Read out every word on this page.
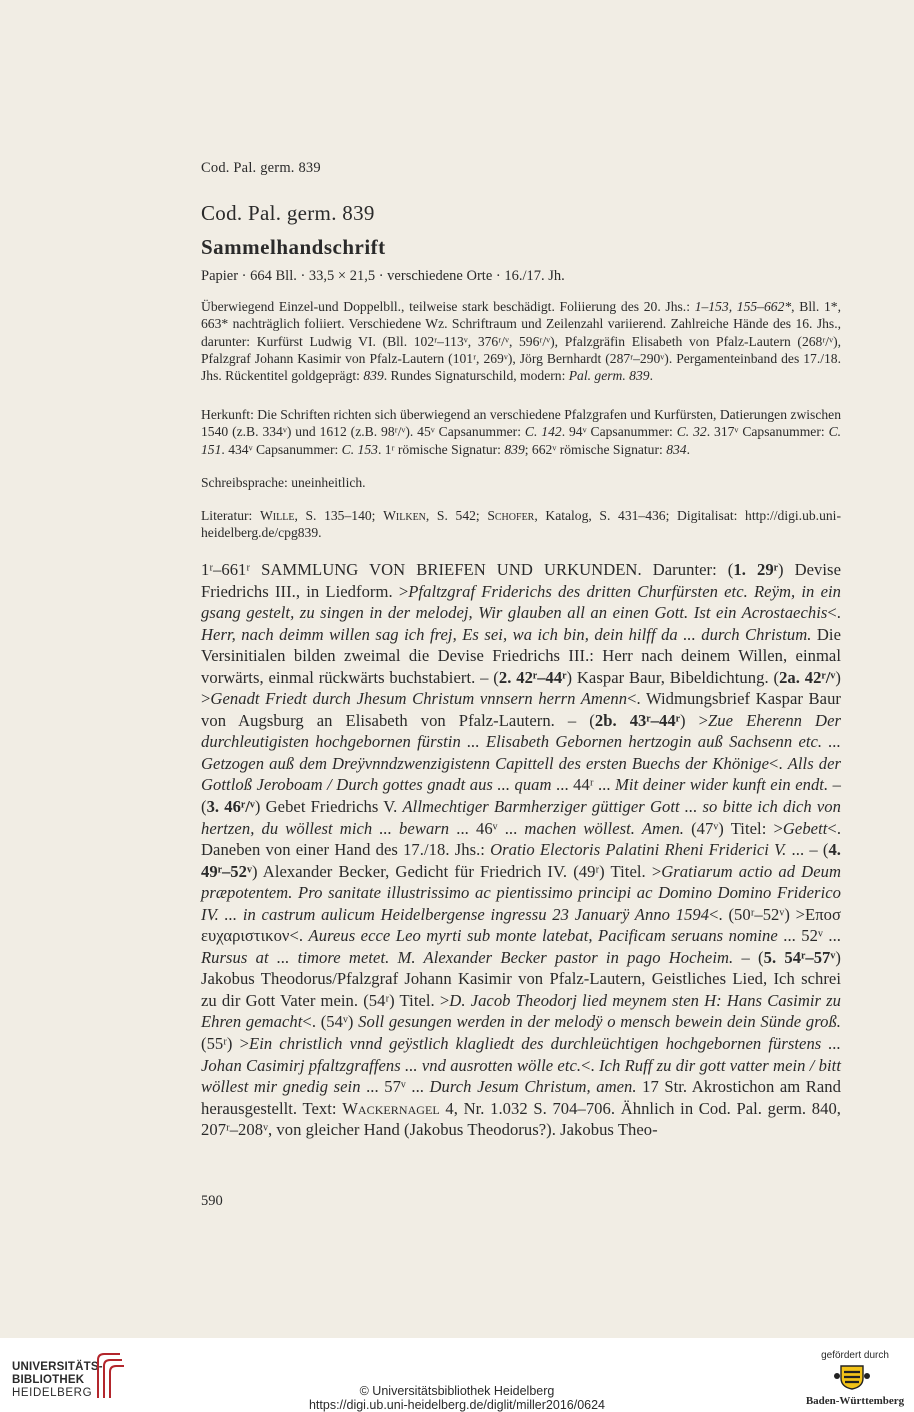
Cod. Pal. germ. 839
Cod. Pal. germ. 839
Sammelhandschrift
Papier · 664 Bll. · 33,5 × 21,5 · verschiedene Orte · 16./17. Jh.
Überwiegend Einzel-und Doppelbll., teilweise stark beschädigt. Foliierung des 20. Jhs.: 1–153, 155–662*, Bll. 1*, 663* nachträglich foliiert. Verschiedene Wz. Schriftraum und Zeilenzahl variierend. Zahlreiche Hände des 16. Jhs., darunter: Kurfürst Ludwig VI. (Bll. 102ʳ–113ᵛ, 376ʳ/ᵛ, 596ʳ/ᵛ), Pfalzgräfin Elisabeth von Pfalz-Lautern (268ʳ/ᵛ), Pfalzgraf Johann Kasimir von Pfalz-Lautern (101ʳ, 269ᵛ), Jörg Bernhardt (287ʳ–290ᵛ). Pergamenteinband des 17./18. Jhs. Rückentitel goldgeprägt: 839. Rundes Signaturschild, modern: Pal. germ. 839.
Herkunft: Die Schriften richten sich überwiegend an verschiedene Pfalzgrafen und Kurfürsten, Datierungen zwischen 1540 (z.B. 334ᵛ) und 1612 (z.B. 98ʳ/ᵛ). 45ᵛ Capsanummer: C. 142. 94ᵛ Capsanummer: C. 32. 317ᵛ Capsanummer: C. 151. 434ᵛ Capsanummer: C. 153. 1ʳ römische Signatur: 839; 662ᵛ römische Signatur: 834.
Schreibsprache: uneinheitlich.
Literatur: Wille, S. 135–140; Wilken, S. 542; Schofer, Katalog, S. 431–436; Digitalisat: http://digi.ub.uni-heidelberg.de/cpg839.
1ʳ–661ʳ SAMMLUNG VON BRIEFEN UND URKUNDEN. Darunter: (1. 29ʳ) Devise Friedrichs III., in Liedform. >Pfaltzgraf Friderichs des dritten Churfürsten etc. Reÿm, in ein gsang gestelt, zu singen in der melodej, Wir glauben all an einen Gott. Ist ein Acrostaechis<. Herr, nach deimm willen sag ich frej, Es sei, wa ich bin, dein hilff da ... durch Christum. Die Versinitialen bilden zweimal die Devise Friedrichs III.: Herr nach deinem Willen, einmal vorwärts, einmal rückwärts buchstabiert. – (2. 42ʳ–44ʳ) Kaspar Baur, Bibeldichtung. (2a. 42ʳ/ᵛ) >Genadt Friedt durch Jhesum Christum vnnsern herrn Amenn<. Widmungsbrief Kaspar Baur von Augsburg an Elisabeth von Pfalz-Lautern. – (2b. 43ʳ–44ʳ) >Zue Eherenn Der durchleutigisten hochgebornen fürstin ... Elisabeth Gebornen hertzogin auß Sachsenn etc. ... Getzogen auß dem Dreÿvnndzwenzigistenn Capittell des ersten Buechs der Khönige<. Alls der Gottloß Jeroboam / Durch gottes gnadt aus ... quam ... 44ʳ ... Mit deiner wider kunft ein endt. – (3. 46ʳ/ᵛ) Gebet Friedrichs V. Allmechtiger Barmherziger güttiger Gott ... so bitte ich dich von hertzen, du wöllest mich ... bewarn ... 46ᵛ ... machen wöllest. Amen. (47ᵛ) Titel: >Gebett<. Daneben von einer Hand des 17./18. Jhs.: Oratio Electoris Palatini Rheni Friderici V. ... – (4. 49ʳ–52ᵛ) Alexander Becker, Gedicht für Friedrich IV. (49ʳ) Titel. >Gratiarum actio ad Deum præpotentem. Pro sanitate illustrissimo ac pientissimo principi ac Domino Domino Friderico IV. ... in castrum aulicum Heidelbergense ingressu 23 Januarÿ Anno 1594<. (50ʳ–52ᵛ) >Επoσ ευχαριστικoν<. Aureus ecce Leo myrti sub monte latebat, Pacificam seruans nomine ... 52ᵛ ... Rursus at ... timore metet. M. Alexander Becker pastor in pago Hocheim. – (5. 54ʳ–57ᵛ) Jakobus Theodorus/Pfalzgraf Johann Kasimir von Pfalz-Lautern, Geistliches Lied, Ich schrei zu dir Gott Vater mein. (54ʳ) Titel. >D. Jacob Theodorj lied meynem sten H: Hans Casimir zu Ehren gemacht<. (54ᵛ) Soll gesungen werden in der melodÿ o mensch bewein dein Sünde groß. (55ʳ) >Ein christlich vnnd geÿstlich klagliedt des durchleüchtigen hochgebornen fürstens ... Johan Casimirj pfaltzgraffens ... vnd ausrotten wölle etc.<. Ich Ruff zu dir gott vatter mein / bitt wöllest mir gnedig sein ... 57ᵛ ... Durch Jesum Christum, amen. 17 Str. Akrostichon am Rand herausgestellt. Text: Wackernagel 4, Nr. 1.032 S. 704–706. Ähnlich in Cod. Pal. germ. 840, 207ʳ–208ᵛ, von gleicher Hand (Jakobus Theodorus?). Jakobus Theo-
590
UNIVERSITÄTS-
BIBLIOTHEK
HEIDELBERG	© Universitätsbibliothek Heidelberg
https://digi.ub.uni-heidelberg.de/diglit/miller2016/0624
gefördert durch
Baden-Württemberg
